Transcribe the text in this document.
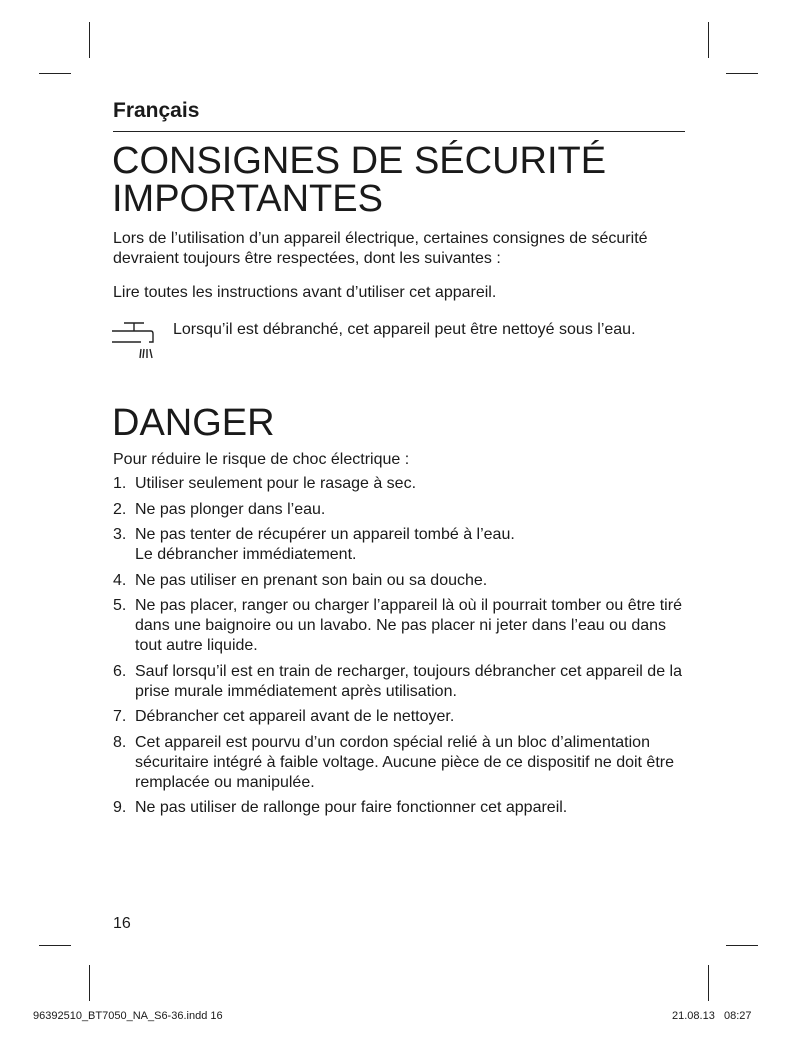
Français
CONSIGNES DE SÉCURITÉ
IMPORTANTES
Lors de l’utilisation d’un appareil électrique, certaines consignes de sécurité devraient toujours être respectées, dont les suivantes :
Lire toutes les instructions avant d’utiliser cet appareil.
Lorsqu’il est débranché, cet appareil peut être nettoyé sous l’eau.
DANGER
Pour réduire le risque de choc électrique :
1. Utiliser seulement pour le rasage à sec.
2. Ne pas plonger dans l’eau.
3. Ne pas tenter de récupérer un appareil tombé à l’eau.
Le débrancher immédiatement.
4. Ne pas utiliser en prenant son bain ou sa douche.
5. Ne pas placer, ranger ou charger l’appareil là où il pourrait tomber ou être tiré dans une baignoire ou un lavabo. Ne pas placer ni jeter dans l’eau ou dans tout autre liquide.
6. Sauf lorsqu’il est en train de recharger, toujours débrancher cet appareil de la prise murale immédiatement après utilisation.
7. Débrancher cet appareil avant de le nettoyer.
8. Cet appareil est pourvu d’un cordon spécial relié à un bloc d’alimentation sécuritaire intégré à faible voltage. Aucune pièce de ce dispositif ne doit être remplacée ou manipulée.
9. Ne pas utiliser de rallonge pour faire fonctionner cet appareil.
16
96392510_BT7050_NA_S6-36.indd 16	21.08.13   08:27
